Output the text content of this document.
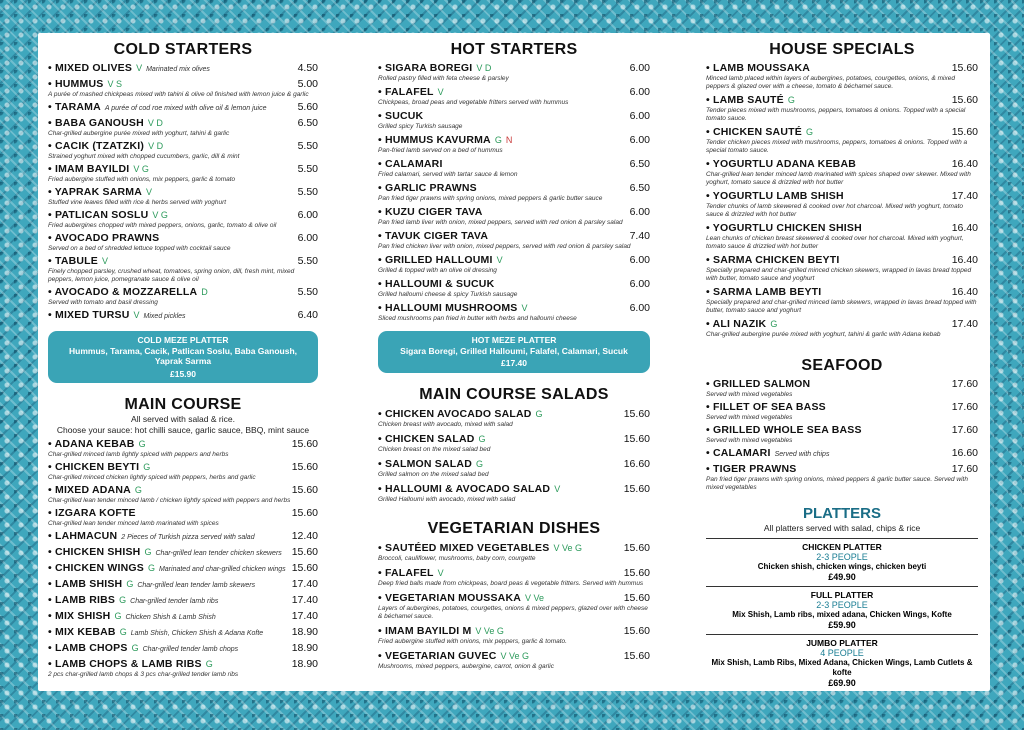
COLD STARTERS
• MIXED OLIVES V Marinated mix olives	4.50
• HUMMUS V S	5.00
A purée of mashed chickpeas mixed with tahini & olive oil finished with lemon juice & garlic
• TARAMA A purée of cod roe mixed with olive oil & lemon juice	5.60
• BABA GANOUSH V D	6.50
Char-grilled aubergine purée mixed with yoghurt, tahini & garlic
• CACIK (TZATZKI) V D	5.50
Strained yoghurt mixed with chopped cucumbers, garlic, dill & mint
• IMAM BAYILDI V G	5.50
Fried aubergine stuffed with onions, mix peppers, garlic & tomato
• YAPRAK SARMA V	5.50
Stuffed vine leaves filled with rice & herbs served with yoghurt
• PATLICAN SOSLU V G	6.00
Fried aubergines chopped with mixed peppers, onions, garlic, tomato & olive oil
• AVOCADO PRAWNS	6.00
Served on a bed of shredded lettuce topped with cocktail sauce
• TABULE V	5.50
Finely chopped parsley, crushed wheat, tomatoes, spring onion, dill, fresh mint, mixed peppers, lemon juice, pomegranate sauce & olive oil
• AVOCADO & MOZZARELLA D	5.50
Served with tomato and basil dressing
• MIXED TURSU V Mixed pickles	6.40
COLD MEZE PLATTER
Hummus, Tarama, Cacik, Patlican Soslu, Baba Ganoush, Yaprak Sarma
£15.90
MAIN COURSE
All served with salad & rice.
Choose your sauce: hot chilli sauce, garlic sauce, BBQ, mint sauce
• ADANA KEBAB G	15.60
Char-grilled minced lamb lightly spiced with peppers and herbs
• CHICKEN BEYTI G	15.60
Char-grilled minced chicken lightly spiced with peppers, herbs and garlic
• MIXED ADANA G	15.60
Char-grilled lean tender minced lamb / chicken lightly spiced with peppers and herbs
• IZGARA KOFTE	15.60
Char-grilled lean tender minced lamb marinated with spices
• LAHMACUN 2 Pieces of Turkish pizza served with salad	12.40
• CHICKEN SHISH G Char-grilled lean tender chicken skewers 15.60
• CHICKEN WINGS G Marinated and char-grilled chicken wings 15.60
• LAMB SHISH G Char-grilled lean tender lamb skewers	17.40
• LAMB RIBS G Char-grilled tender lamb ribs	17.40
• MIX SHISH G Chicken Shish & Lamb Shish	17.40
• MIX KEBAB G Lamb Shish, Chicken Shish & Adana Kofte	18.90
• LAMB CHOPS G Char-grilled tender lamb chops	18.90
• LAMB CHOPS & LAMB RIBS G	18.90
2 pcs char-grilled lamb chops & 3 pcs char-grilled tender lamb ribs
HOT STARTERS
• SIGARA BOREGI V D	6.00
Rolled pastry filled with feta cheese & parsley
• FALAFEL V	6.00
Chickpeas, broad peas and vegetable fritters served with hummus
• SUCUK	6.00
Grilled spicy Turkish sausage
• HUMMUS KAVURMA G N	6.00
Pan-fried lamb served on a bed of hummus
• CALAMARI	6.50
Fried calamari, served with tartar sauce & lemon
• GARLIC PRAWNS	6.50
Pan fried tiger prawns with spring onions, mixed peppers & garlic butter sauce
• KUZU CIGER TAVA	6.00
Pan fried lamb liver with onion, mixed peppers, served with red onion & parsley salad
• TAVUK CIGER TAVA	7.40
Pan fried chicken liver with onion, mixed peppers, served with red onion & parsley salad
• GRILLED HALLOUMI V	6.00
Grilled & topped with an olive oil dressing
• HALLOUMI & SUCUK	6.00
Grilled halloumi cheese & spicy Turkish sausage
• HALLOUMI MUSHROOMS V	6.00
Sliced mushrooms pan fried in butter with herbs and halloumi cheese
HOT MEZE PLATTER
Sigara Boregi, Grilled Halloumi, Falafel, Calamari, Sucuk
£17.40
MAIN COURSE SALADS
• CHICKEN AVOCADO SALAD G	15.60
Chicken breast with avocado, mixed with salad
• CHICKEN SALAD G	15.60
Chicken breast on the mixed salad bed
• SALMON SALAD G	16.60
Grilled salmon on the mixed salad bed
• HALLOUMI & AVOCADO SALAD V	15.60
Grilled Halloumi with avocado, mixed with salad
VEGETARIAN DISHES
• SAUTÉED MIXED VEGETABLES V Ve G	15.60
Broccoli, cauliflower, mushrooms, baby corn, courgette
• FALAFEL V	15.60
Deep fried balls made from chickpeas, board peas & vegetable fritters. Served with hummus
• VEGETARIAN MOUSSAKA V Ve	15.60
Layers of aubergines, potatoes, courgettes, onions & mixed peppers, glazed over with cheese & béchamel sauce.
• IMAM BAYILDI M V Ve G	15.60
Fried aubergine stuffed with onions, mix peppers, garlic & tomato.
• VEGETARIAN GUVEC V Ve G	15.60
Mushrooms, mixed peppers, aubergine, carrot, onion & garlic
HOUSE SPECIALS
• LAMB MOUSSAKA	15.60
Minced lamb placed within layers of aubergines, potatoes, courgettes, onions, & mixed peppers & glazed over with a cheese, tomato & béchamel sauce.
• LAMB SAUTÉ G	15.60
Tender pieces mixed with mushrooms, peppers, tomatoes & onions. Topped with a special tomato sauce.
• CHICKEN SAUTÉ G	15.60
Tender chicken pieces mixed with mushrooms, peppers, tomatoes & onions. Topped with a special tomato sauce.
• YOGURTLU ADANA KEBAB	16.40
Char-grilled lean tender minced lamb marinated with spices shaped over skewer. Mixed with yoghurt, tomato sauce & drizzled with hot butter
• YOGURTLU LAMB SHISH	17.40
Tender chunks of lamb skewered & cooked over hot charcoal. Mixed with yoghurt, tomato sauce & drizzled with hot butter
• YOGURTLU CHICKEN SHISH	16.40
Lean chunks of chicken breast skewered & cooked over hot charcoal. Mixed with yoghurt, tomato sauce & drizzled with hot butter
• SARMA CHICKEN BEYTI	16.40
Specially prepared and char-grilled minced chicken skewers, wrapped in lavas bread topped with butter, tomato sauce and yoghurt
• SARMA LAMB BEYTI	16.40
Specially prepared and char-grilled minced lamb skewers, wrapped in lavas bread topped with butter, tomato sauce and yoghurt
• ALI NAZIK G	17.40
Char-grilled aubergine purée mixed with yoghurt, tahini & garlic with Adana kebab
SEAFOOD
• GRILLED SALMON	17.60
Served with mixed vegetables
• FILLET OF SEA BASS	17.60
Served with mixed vegetables
• GRILLED WHOLE SEA BASS	17.60
Served with mixed vegetables
• CALAMARI Served with chips	16.60
• TIGER PRAWNS	17.60
Pan fried tiger prawns with spring onions, mixed peppers & garlic butter sauce. Served with mixed vegetables
PLATTERS
All platters served with salad, chips & rice
CHICKEN PLATTER
2-3 PEOPLE
Chicken shish, chicken wings, chicken beyti
£49.90
FULL PLATTER
2-3 PEOPLE
Mix Shish, Lamb ribs, mixed adana, Chicken Wings, Kofte
£59.90
JUMBO PLATTER
4 PEOPLE
Mix Shish, Lamb Ribs, Mixed Adana, Chicken Wings, Lamb Cutlets & kofte
£69.90
